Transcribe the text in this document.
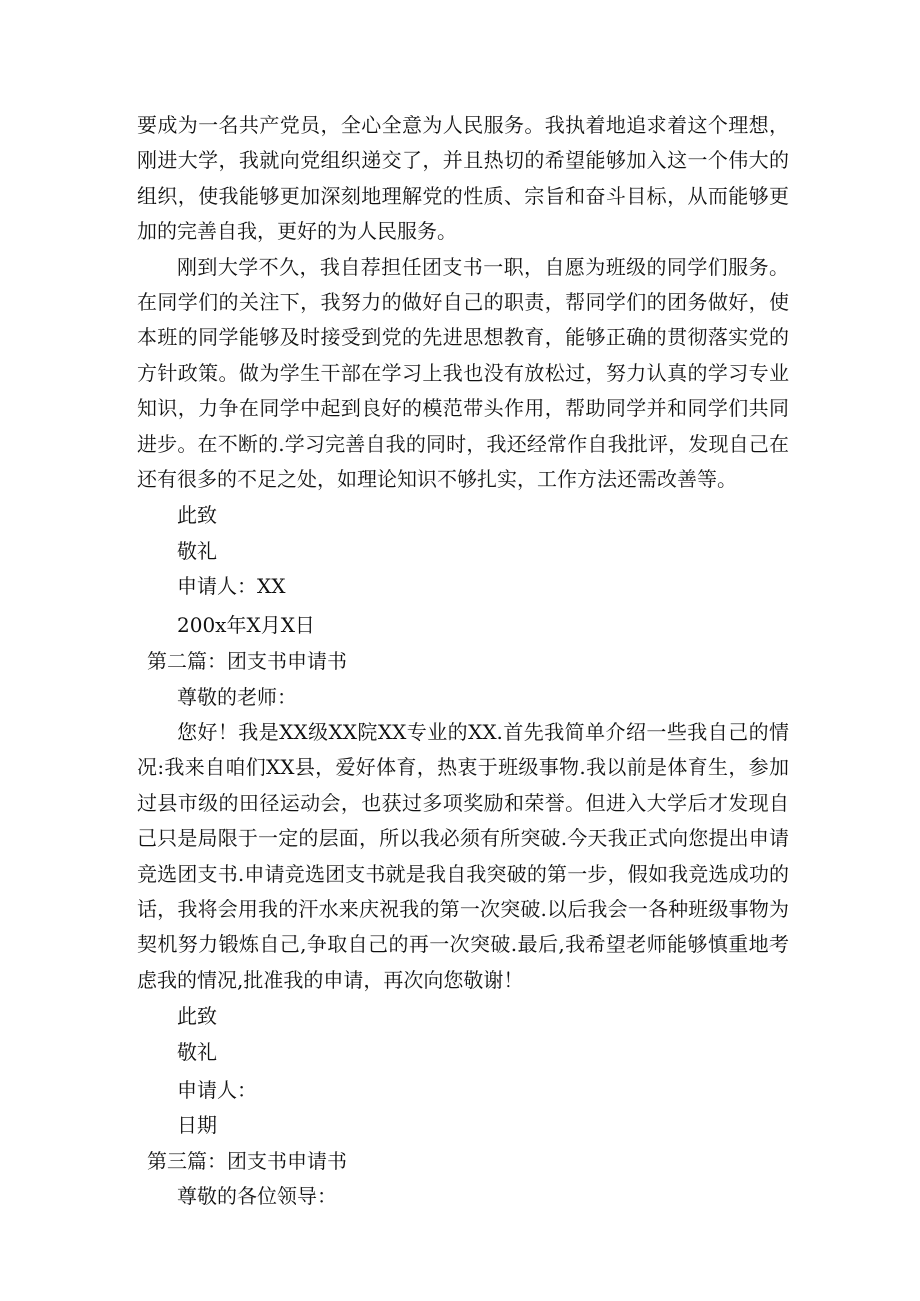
要成为一名共产党员，全心全意为人民服务。我执着地追求着这个理想，刚进大学，我就向党组织递交了，并且热切的希望能够加入这一个伟大的组织，使我能够更加深刻地理解党的性质、宗旨和奋斗目标，从而能够更加的完善自我，更好的为人民服务。

刚到大学不久，我自荐担任团支书一职，自愿为班级的同学们服务。在同学们的关注下，我努力的做好自己的职责，帮同学们的团务做好，使本班的同学能够及时接受到党的先进思想教育，能够正确的贯彻落实党的方针政策。做为学生干部在学习上我也没有放松过，努力认真的学习专业知识，力争在同学中起到良好的模范带头作用，帮助同学并和同学们共同进步。在不断的.学习完善自我的同时，我还经常作自我批评，发现自己在还有很多的不足之处，如理论知识不够扎实，工作方法还需改善等。

此致

敬礼

申请人：XX

200x年X月X日

第二篇：团支书申请书

尊敬的老师：

您好！我是XX级XX院XX专业的XX.首先我简单介绍一些我自己的情况:我来自咱们XX县，爱好体育，热衷于班级事物.我以前是体育生，参加过县市级的田径运动会，也获过多项奖励和荣誉。但进入大学后才发现自己只是局限于一定的层面，所以我必须有所突破.今天我正式向您提出申请竞选团支书.申请竞选团支书就是我自我突破的第一步，假如我竞选成功的话，我将会用我的汗水来庆祝我的第一次突破.以后我会一各种班级事物为契机努力锻炼自己,争取自己的再一次突破.最后,我希望老师能够慎重地考虑我的情况,批准我的申请，再次向您敬谢！

此致

敬礼

申请人：

日期

第三篇：团支书申请书

尊敬的各位领导：
